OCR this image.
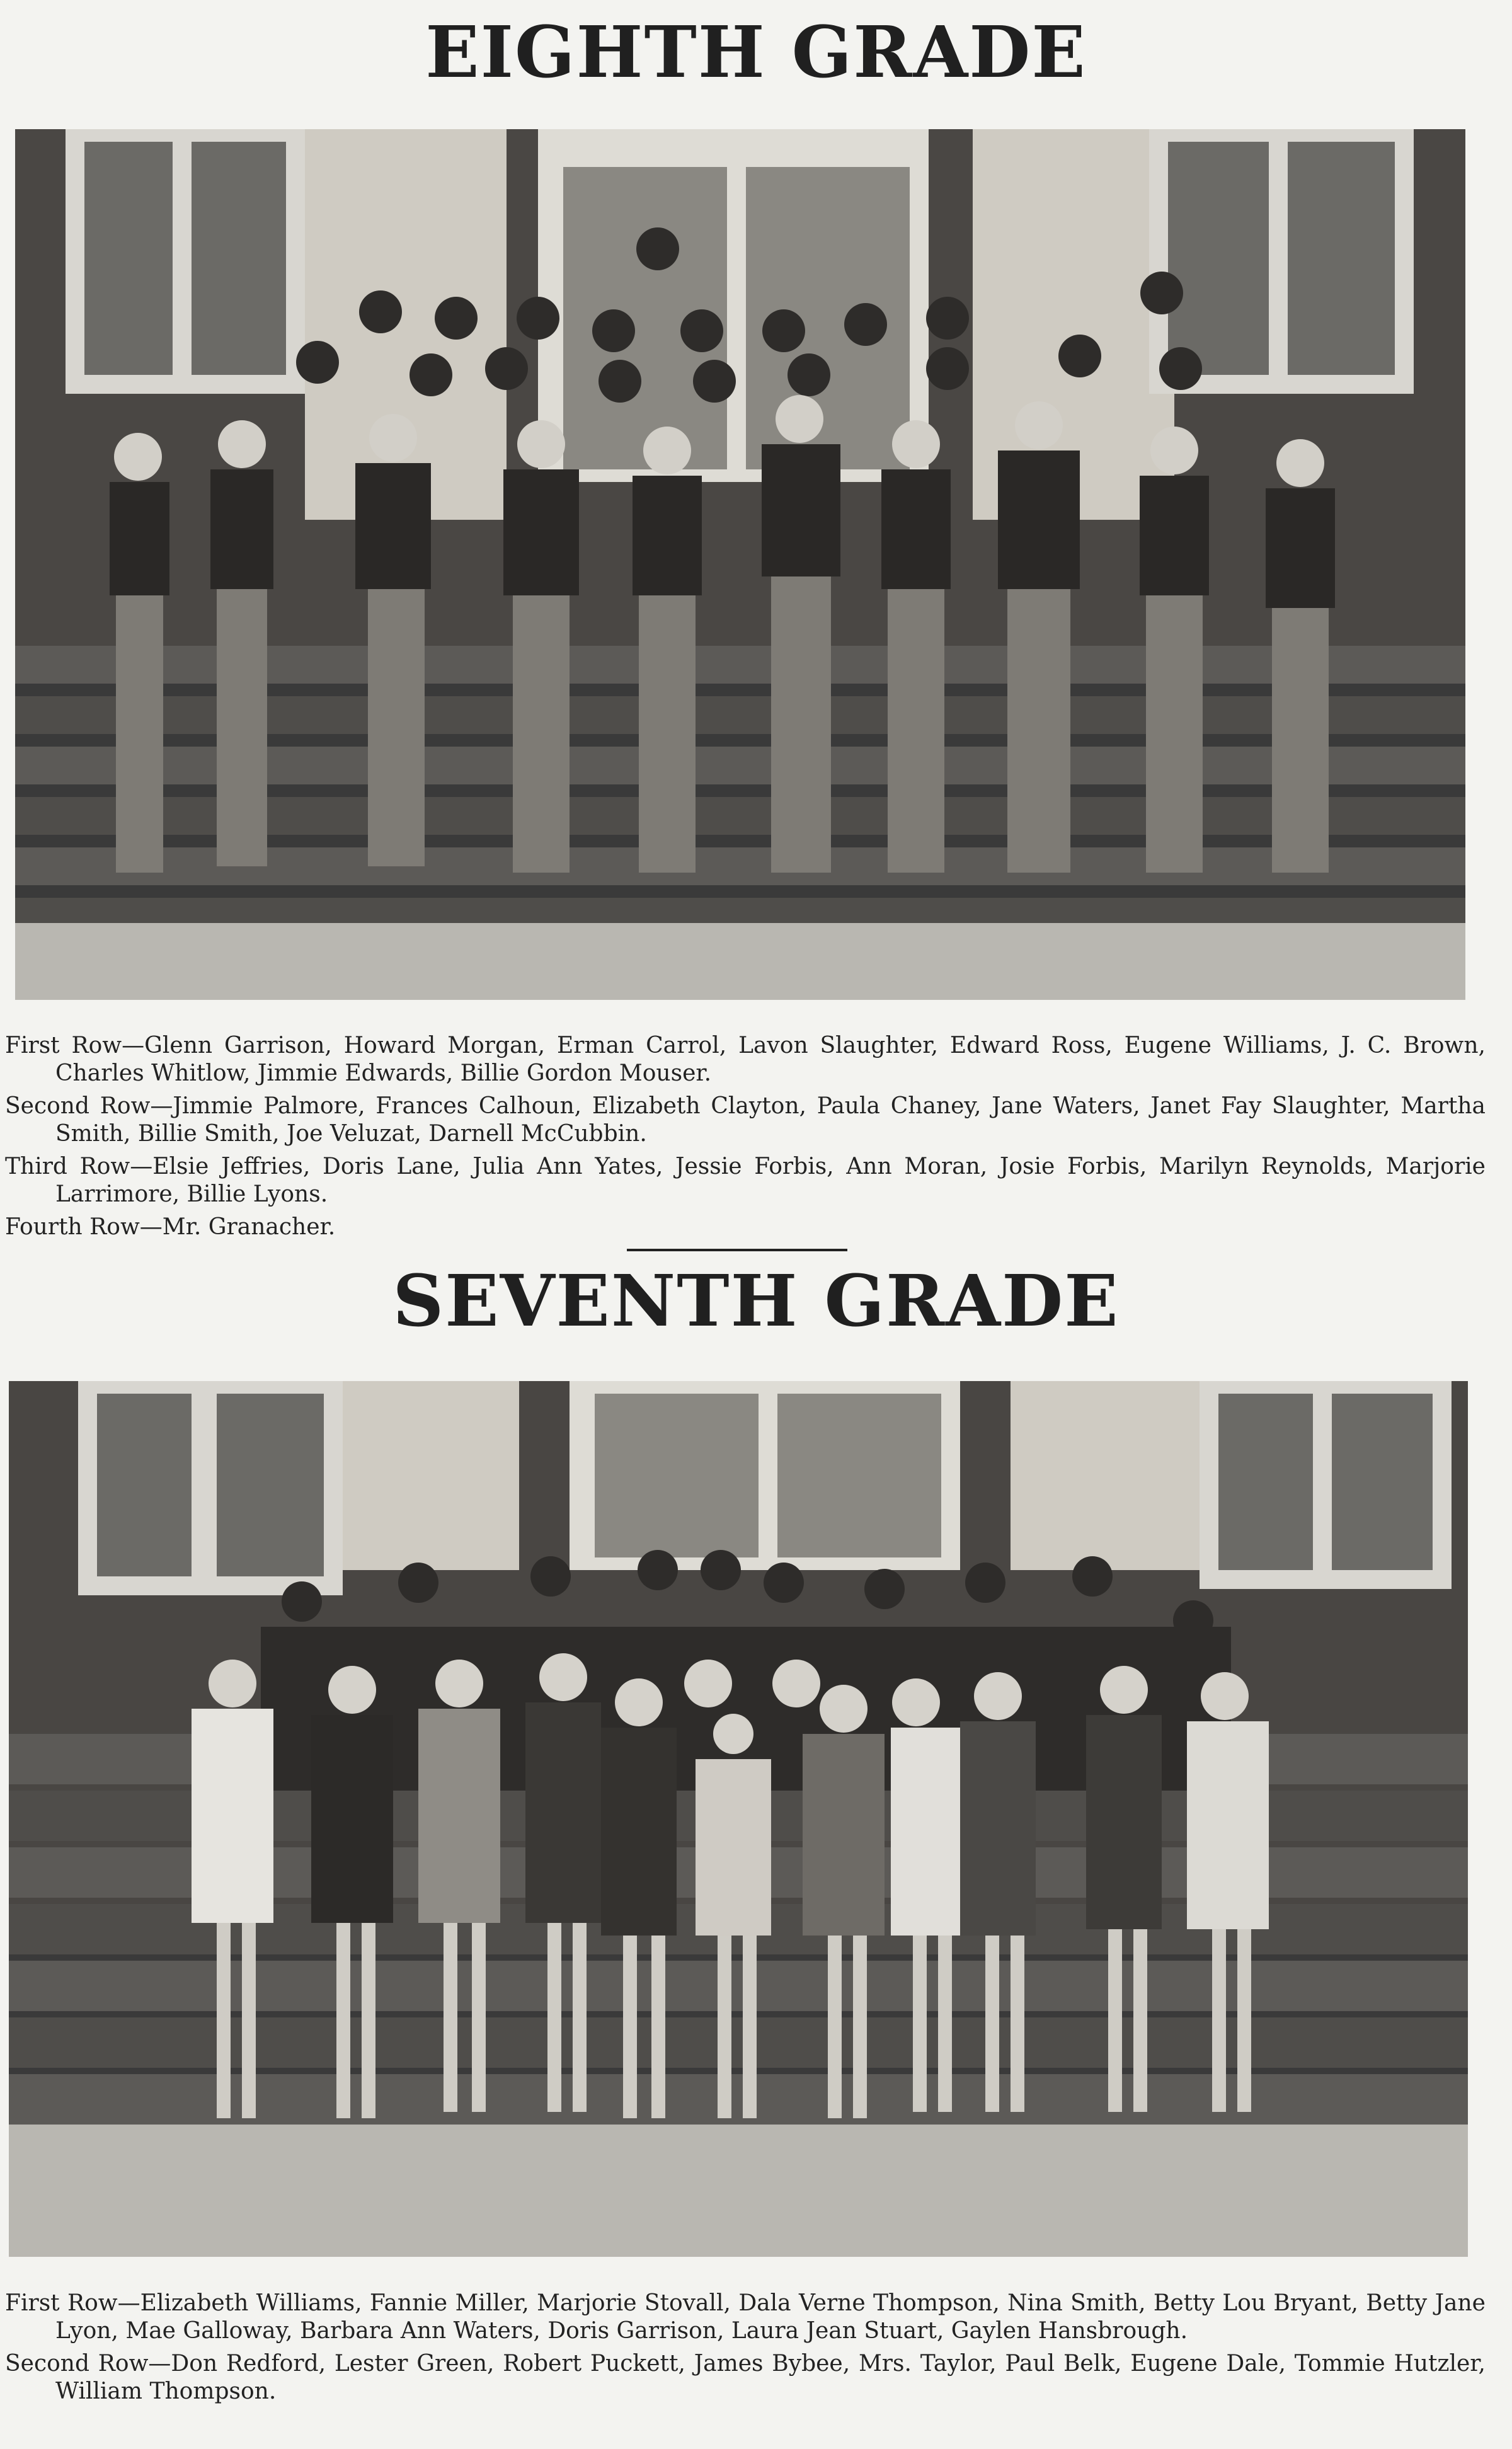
EIGHTH GRADE

First Row—Glenn Garrison, Howard Morgan, Erman Carrol, Lavon Slaughter, Edward Ross, Eugene Williams, J. C. Brown, Charles Whitlow, Jimmie Edwards, Billie Gordon Mouser.

Second Row—Jimmie Palmore, Frances Calhoun, Elizabeth Clayton, Paula Chaney, Jane Waters, Janet Fay Slaughter, Martha Smith, Billie Smith, Joe Veluzat, Darnell McCubbin.

Third Row—Elsie Jeffries, Doris Lane, Julia Ann Yates, Jessie Forbis, Ann Moran, Josie Forbis, Marilyn Reynolds, Marjorie Larrimore, Billie Lyons.

Fourth Row—Mr. Granacher.

SEVENTH GRADE

First Row—Elizabeth Williams, Fannie Miller, Marjorie Stovall, Dala Verne Thompson, Nina Smith, Betty Lou Bryant, Betty Jane Lyon, Mae Galloway, Barbara Ann Waters, Doris Garrison, Laura Jean Stuart, Gaylen Hansbrough.

Second Row—Don Redford, Lester Green, Robert Puckett, James Bybee, Mrs. Taylor, Paul Belk, Eugene Dale, Tommie Hutzler, William Thompson.
